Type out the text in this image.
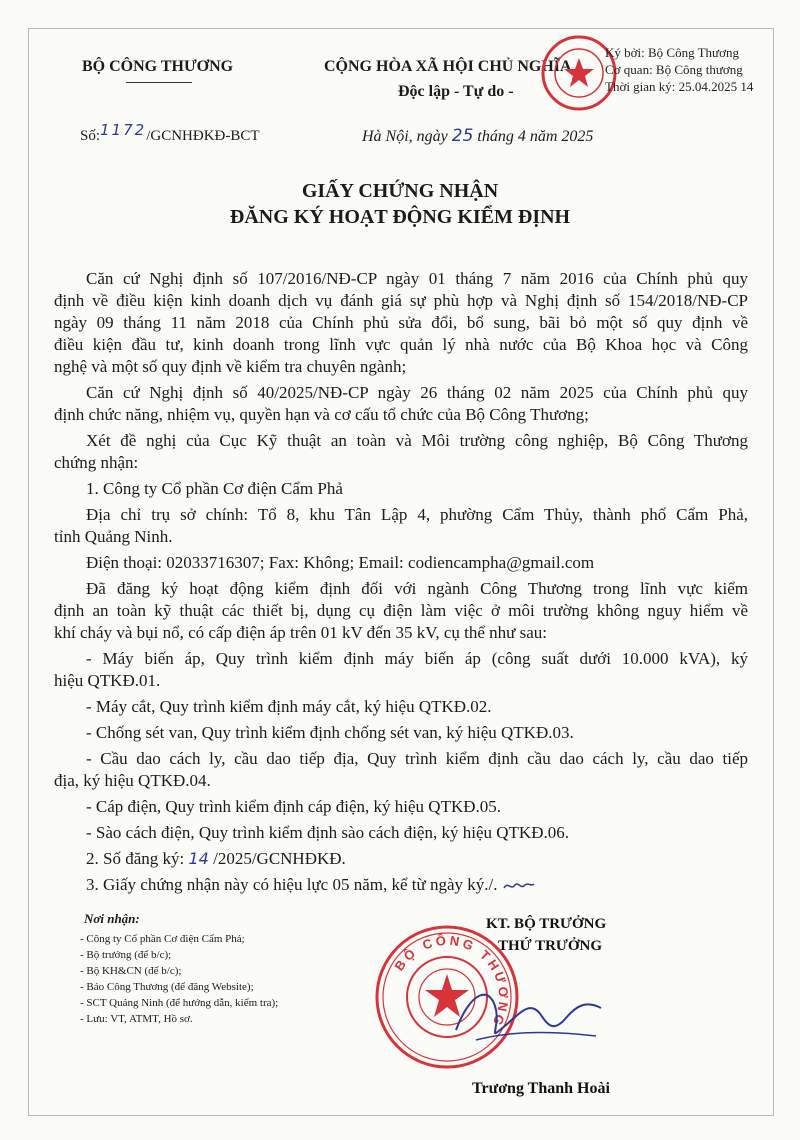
BỘ CÔNG THƯƠNG	CỘNG HÒA XÃ HỘI CHỦ NGHĨA
Độc lập - Tự do -
Ký bởi: Bộ Công Thương
Cơ quan: Bộ Công thương
Thời gian ký: 25.04.2025 14
Số:1172/GCNHĐKĐ-BCT	Hà Nội, ngày 25 tháng 4 năm 2025
GIẤY CHỨNG NHẬN
ĐĂNG KÝ HOẠT ĐỘNG KIỂM ĐỊNH
Căn cứ Nghị định số 107/2016/NĐ-CP ngày 01 tháng 7 năm 2016 của Chính phủ quy
định về điều kiện kinh doanh dịch vụ đánh giá sự phù hợp và Nghị định số 154/2018/NĐ-CP
ngày 09 tháng 11 năm 2018 của Chính phủ sửa đổi, bổ sung, bãi bỏ một số quy định về
điều kiện đầu tư, kinh doanh trong lĩnh vực quản lý nhà nước của Bộ Khoa học và Công
nghệ và một số quy định về kiểm tra chuyên ngành;
Căn cứ Nghị định số 40/2025/NĐ-CP ngày 26 tháng 02 năm 2025 của Chính phủ quy
định chức năng, nhiệm vụ, quyền hạn và cơ cấu tổ chức của Bộ Công Thương;
Xét đề nghị của Cục Kỹ thuật an toàn và Môi trường công nghiệp, Bộ Công Thương
chứng nhận:
1. Công ty Cổ phần Cơ điện Cẩm Phả
Địa chỉ trụ sở chính: Tổ 8, khu Tân Lập 4, phường Cẩm Thủy, thành phố Cẩm Phả,
tỉnh Quảng Ninh.
Điện thoại: 02033716307; Fax: Không; Email: codiencampha@gmail.com
Đã đăng ký hoạt động kiểm định đối với ngành Công Thương trong lĩnh vực kiểm
định an toàn kỹ thuật các thiết bị, dụng cụ điện làm việc ở môi trường không nguy hiểm về
khí cháy và bụi nổ, có cấp điện áp trên 01 kV đến 35 kV, cụ thể như sau:
- Máy biến áp, Quy trình kiểm định máy biến áp (công suất dưới 10.000 kVA), ký
hiệu QTKĐ.01.
- Máy cắt, Quy trình kiểm định máy cắt, ký hiệu QTKĐ.02.
- Chống sét van, Quy trình kiểm định chống sét van, ký hiệu QTKĐ.03.
- Cầu dao cách ly, cầu dao tiếp địa, Quy trình kiểm định cầu dao cách ly, cầu dao tiếp
địa, ký hiệu QTKĐ.04.
- Cáp điện, Quy trình kiểm định cáp điện, ký hiệu QTKĐ.05.
- Sào cách điện, Quy trình kiểm định sào cách điện, ký hiệu QTKĐ.06.
2. Số đăng ký: 14 /2025/GCNHĐKĐ.
3. Giấy chứng nhận này có hiệu lực 05 năm, kể từ ngày ký./.
Nơi nhận:
- Công ty Cổ phần Cơ điện Cẩm Phả;
- Bộ trưởng (để b/c);
- Bộ KH&CN (để b/c);
- Báo Công Thương (để đăng Website);
- SCT Quảng Ninh (để hướng dẫn, kiểm tra);
- Lưu: VT, ATMT, Hồ sơ.
KT. BỘ TRƯỞNG
THỨ TRƯỞNG
BỘ CÔNG THƯƠNG
Trương Thanh Hoài
